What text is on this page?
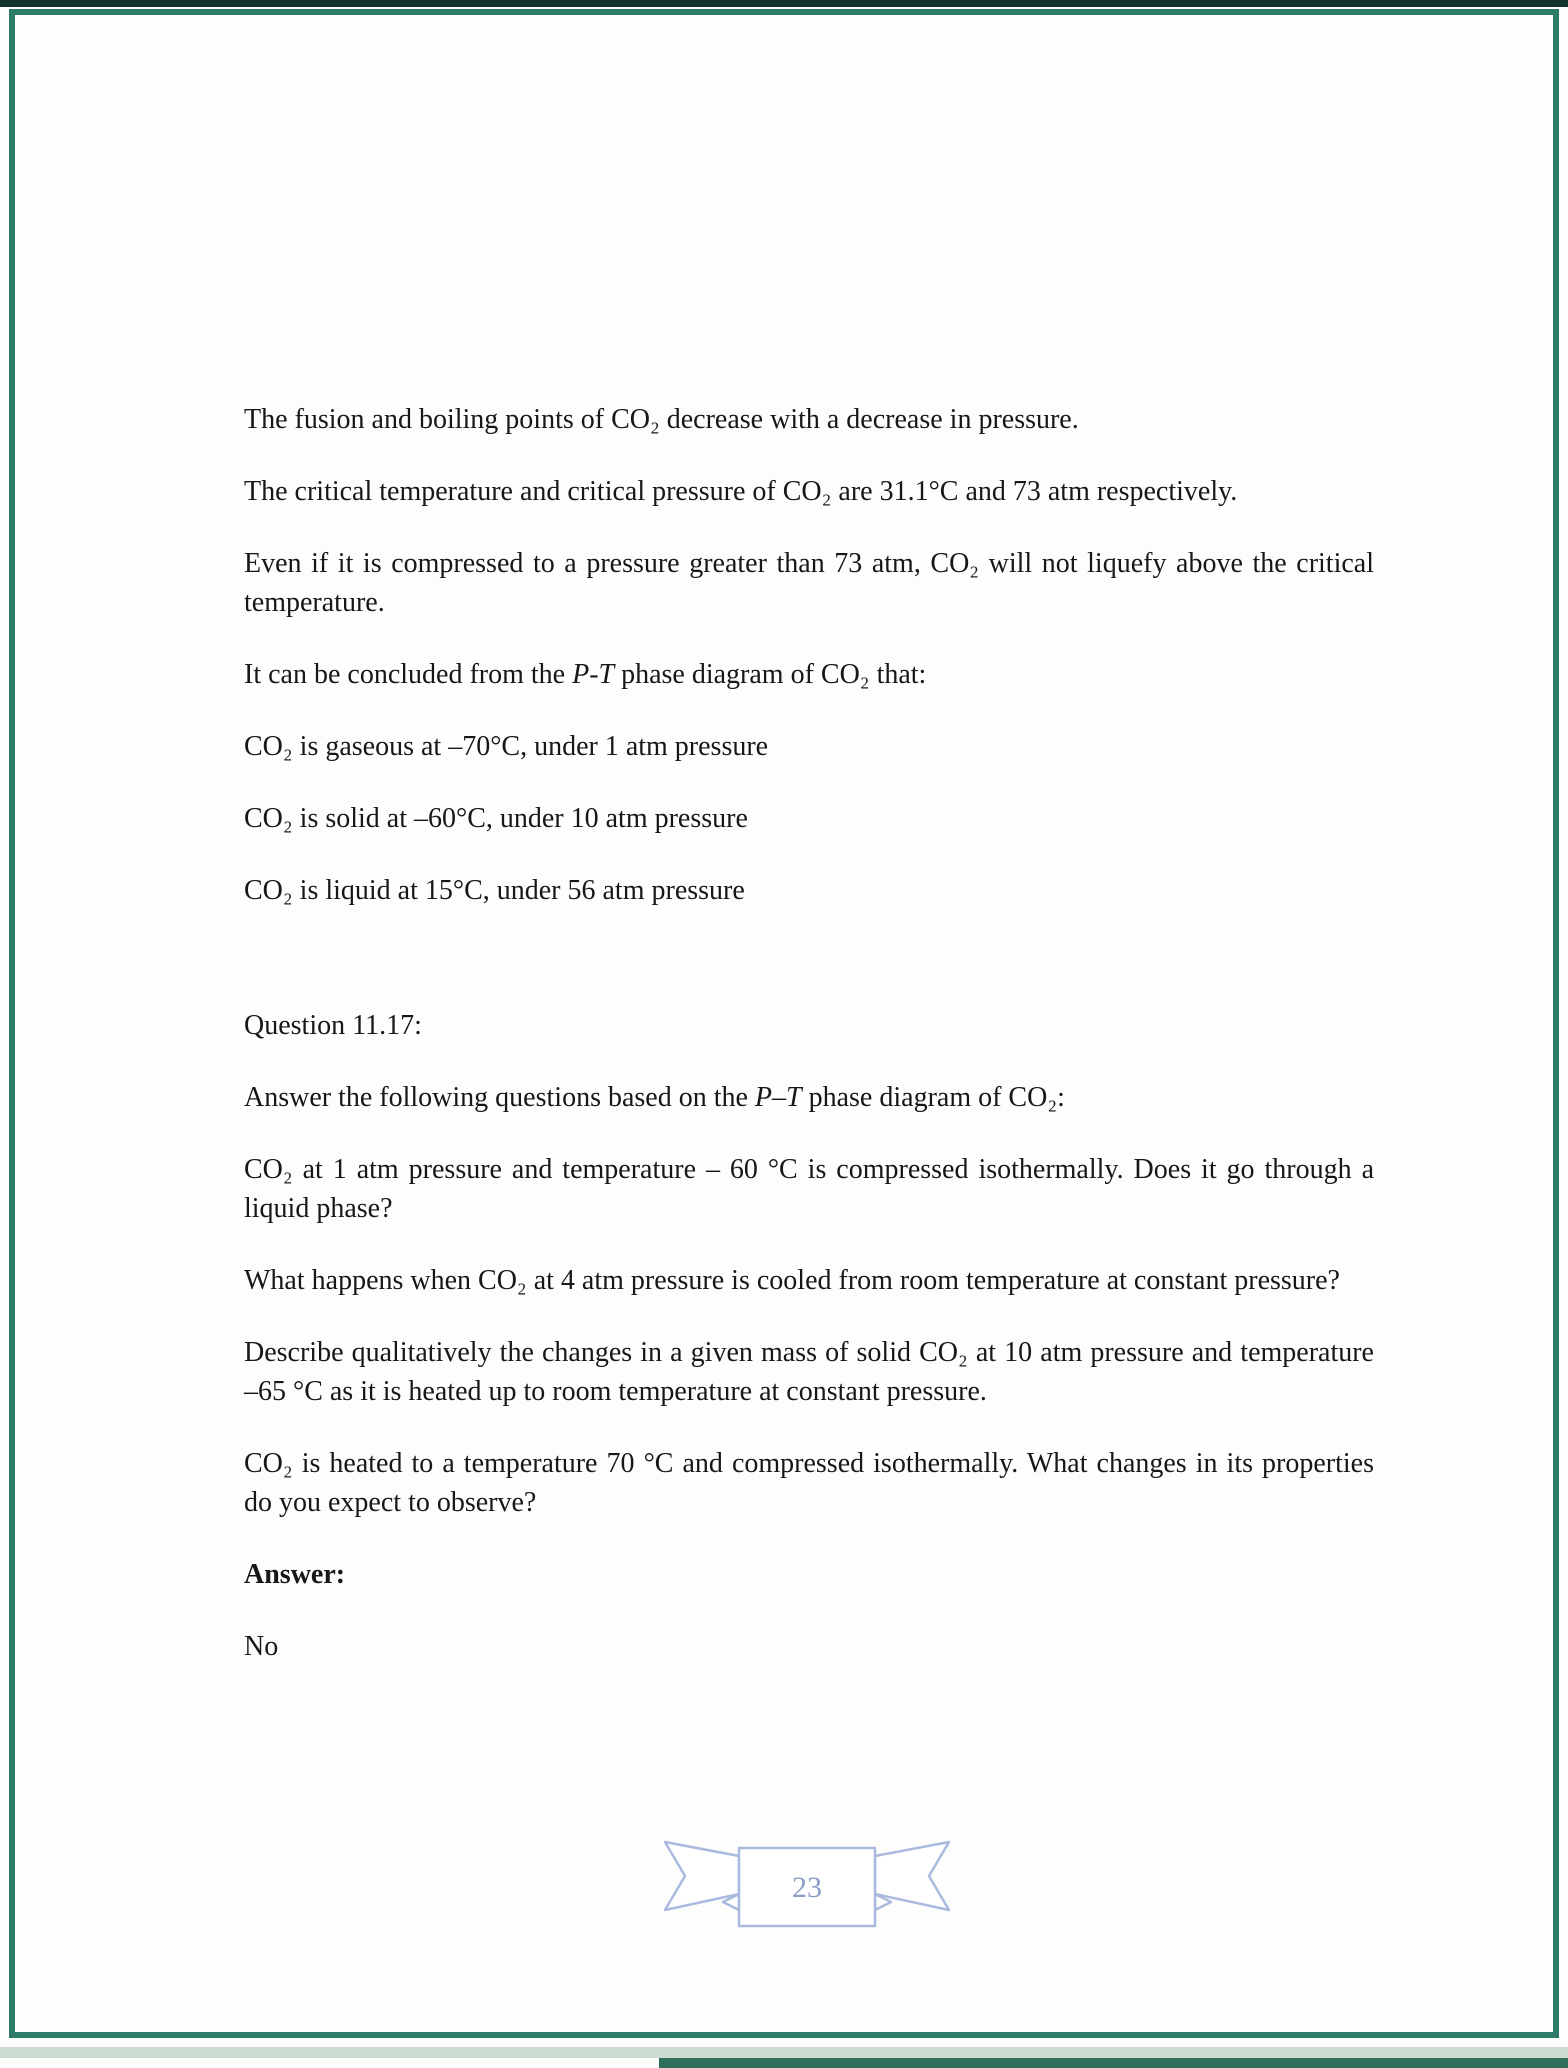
The fusion and boiling points of CO₂ decrease with a decrease in pressure.

The critical temperature and critical pressure of CO₂ are 31.1°C and 73 atm respectively.

Even if it is compressed to a pressure greater than 73 atm, CO₂ will not liquefy above the critical temperature.

It can be concluded from the P-T phase diagram of CO₂ that:

CO₂ is gaseous at –70°C, under 1 atm pressure

CO₂ is solid at –60°C, under 10 atm pressure

CO₂ is liquid at 15°C, under 56 atm pressure

Question 11.17:

Answer the following questions based on the P–T phase diagram of CO₂:

CO₂ at 1 atm pressure and temperature – 60 °C is compressed isothermally. Does it go through a liquid phase?

What happens when CO₂ at 4 atm pressure is cooled from room temperature at constant pressure?

Describe qualitatively the changes in a given mass of solid CO₂ at 10 atm pressure and temperature –65 °C as it is heated up to room temperature at constant pressure.

CO₂ is heated to a temperature 70 °C and compressed isothermally. What changes in its properties do you expect to observe?

Answer:

No

23
